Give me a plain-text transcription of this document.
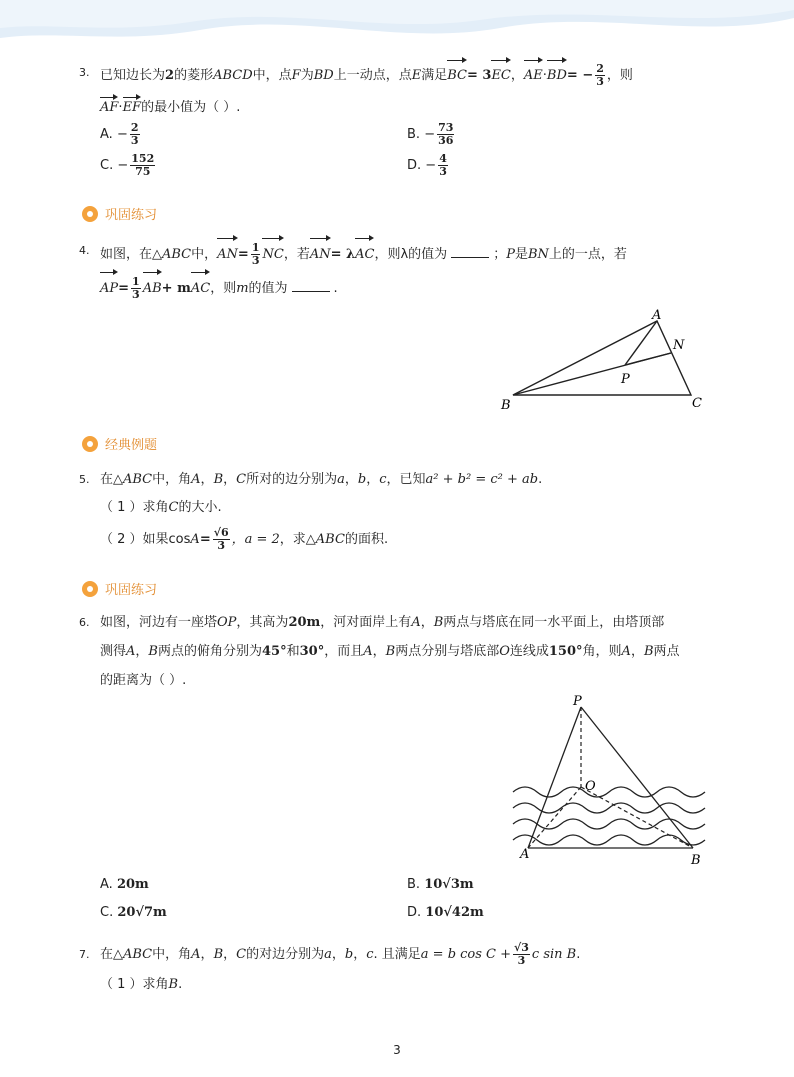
3. 已知边长为2的菱形ABCD中，点F为BD上一动点，点E满足BC= 3EC，$AE\cdot BD= - \frac{2}{3}$ ，则
AF·EF的最小值为（ ）.
A. − $\frac{2}{3}$	B. − $\frac{73}{36}$
C. − $\frac{152}{75}$	D. − $\frac{4}{3}$
巩固练习
4. 如图，在△ABC中，$AN= \frac{1}{3}$ NC，若AN= λAC，则λ的值为	；P是BN上的一点，若
$AP= \frac{1}{3} AB+$ mAC，则m的值为	.
A
N
P
B	C
经典例题
5. 在△ABC中，角A，B，C所对的边分别为a，b，c，已知a² + b² = c² + ab.
（ 1 ）求角C的大小.
（ 2 ）如果$\cos A= \frac{√6}{3}$ ，a = 2，求△ABC的面积.
巩固练习
6. 如图，河边有一座塔OP，其高为20m，河对面岸上有A，B两点与塔底在同一水平面上，由塔顶部
测得A，B两点的俯角分别为45°和30°，而且A，B两点分别与塔底部O连线成150°角，则A，B两点
的距离为（ ）.
P
O
A	B
A. 20m	B. 10√3m
C. 20√7m	D. 10√42m
7. 在△ABC中，角A，B，C的对边分别为a，b，c. 且满足a = b $\cos C + \frac{√3}{3}$ c sin B.
（ 1 ）求角B.
3
